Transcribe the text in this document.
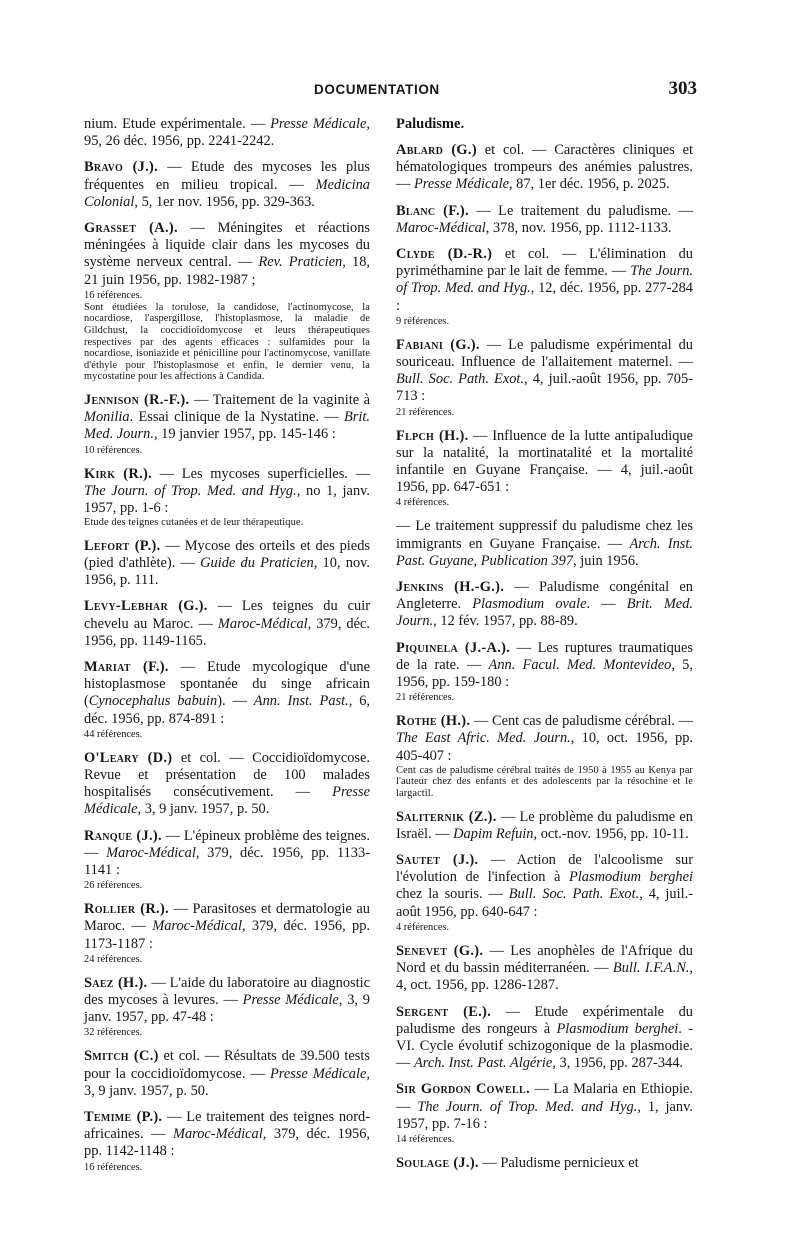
DOCUMENTATION	303
nium. Etude expérimentale. — Presse Médicale, 95, 26 déc. 1956, pp. 2241-2242.
Bravo (J.). — Etude des mycoses les plus fréquentes en milieu tropical. — Medicina Colonial, 5, 1er nov. 1956, pp. 329-363.
Grasset (A.). — Méningites et réactions méningées à liquide clair dans les mycoses du système nerveux central. — Rev. Praticien, 18, 21 juin 1956, pp. 1982-1987 ;
16 références.
Sont étudiées la torulose, la candidose, l'actinomycose, la nocardiose, l'aspergillose, l'histoplasmose, la maladie de Gildchust, la coccidioïdomycose et leurs thérapeutiques respectives par des agents efficaces : sulfamides pour la nocardiose, isoniazide et pénicilline pour l'actinomycose, vanillate d'éthyle pour l'histoplasmose et enfin, le dernier venu, la mycostatine pour les affections à Candida.
Jennison (R.-F.). — Traitement de la vaginite à Monilia. Essai clinique de la Nystatine. — Brit. Med. Journ., 19 janvier 1957, pp. 145-146 :
10 références.
Kirk (R.). — Les mycoses superficielles. — The Journ. of Trop. Med. and Hyg., no 1, janv. 1957, pp. 1-6 :
Etude des teignes cutanées et de leur thérapeutique.
Lefort (P.). — Mycose des orteils et des pieds (pied d'athlète). — Guide du Praticien, 10, nov. 1956, p. 111.
Levy-Lebhar (G.). — Les teignes du cuir chevelu au Maroc. — Maroc-Médical, 379, déc. 1956, pp. 1149-1165.
Mariat (F.). — Etude mycologique d'une histoplasmose spontanée du singe africain (Cynocephalus babuin). — Ann. Inst. Past., 6, déc. 1956, pp. 874-891 :
44 références.
O'Leary (D.) et col. — Coccidioïdomycose. Revue et présentation de 100 malades hospitalisés consécutivement. — Presse Médicale, 3, 9 janv. 1957, p. 50.
Ranque (J.). — L'épineux problème des teignes. — Maroc-Médical, 379, déc. 1956, pp. 1133-1141 :
26 références.
Rollier (R.). — Parasitoses et dermatologie au Maroc. — Maroc-Médical, 379, déc. 1956, pp. 1173-1187 :
24 références.
Saez (H.). — L'aide du laboratoire au diagnostic des mycoses à levures. — Presse Médicale, 3, 9 janv. 1957, pp. 47-48 :
32 références.
Smitch (C.) et col. — Résultats de 39.500 tests pour la coccidioïdomycose. — Presse Médicale, 3, 9 janv. 1957, p. 50.
Temime (P.). — Le traitement des teignes nord-africaines. — Maroc-Médical, 379, déc. 1956, pp. 1142-1148 :
16 références.
Paludisme.
Ablard (G.) et col. — Caractères cliniques et hématologiques trompeurs des anémies palustres. — Presse Médicale, 87, 1er déc. 1956, p. 2025.
Blanc (F.). — Le traitement du paludisme. — Maroc-Médical, 378, nov. 1956, pp. 1112-1133.
Clyde (D.-R.) et col. — L'élimination du pyriméthamine par le lait de femme. — The Journ. of Trop. Med. and Hyg., 12, déc. 1956, pp. 277-284 :
9 références.
Fabiani (G.). — Le paludisme expérimental du souriceau. Influence de l'allaitement maternel. — Bull. Soc. Path. Exot., 4, juil.-août 1956, pp. 705-713 :
21 références.
Flpch (H.). — Influence de la lutte antipaludique sur la natalité, la mortinatalité et la mortalité infantile en Guyane Française. — 4, juil.-août 1956, pp. 647-651 :
4 références.
— Le traitement suppressif du paludisme chez les immigrants en Guyane Française. — Arch. Inst. Past. Guyane, Publication 397, juin 1956.
Jenkins (H.-G.). — Paludisme congénital en Angleterre. Plasmodium ovale. — Brit. Med. Journ., 12 fév. 1957, pp. 88-89.
Piquinela (J.-A.). — Les ruptures traumatiques de la rate. — Ann. Facul. Med. Montevideo, 5, 1956, pp. 159-180 :
21 références.
Rothe (H.). — Cent cas de paludisme cérébral. — The East Afric. Med. Journ., 10, oct. 1956, pp. 405-407 :
Cent cas de paludisme cérébral traités de 1950 à 1955 au Kenya par l'auteur chez des enfants et des adolescents par la résochine et le largactil.
Saliternik (Z.). — Le problème du paludisme en Israël. — Dapim Refuin, oct.-nov. 1956, pp. 10-11.
Sautet (J.). — Action de l'alcoolisme sur l'évolution de l'infection à Plasmodium berghei chez la souris. — Bull. Soc. Path. Exot., 4, juil.-août 1956, pp. 640-647 :
4 références.
Senevet (G.). — Les anophèles de l'Afrique du Nord et du bassin méditerranéen. — Bull. I.F.A.N., 4, oct. 1956, pp. 1286-1287.
Sergent (E.). — Etude expérimentale du paludisme des rongeurs à Plasmodium berghei. - VI. Cycle évolutif schizogonique de la plasmodie. — Arch. Inst. Past. Algérie, 3, 1956, pp. 287-344.
Sir Gordon Cowell. — La Malaria en Ethiopie. — The Journ. of Trop. Med. and Hyg., 1, janv. 1957, pp. 7-16 :
14 références.
Soulage (J.). — Paludisme pernicieux et
